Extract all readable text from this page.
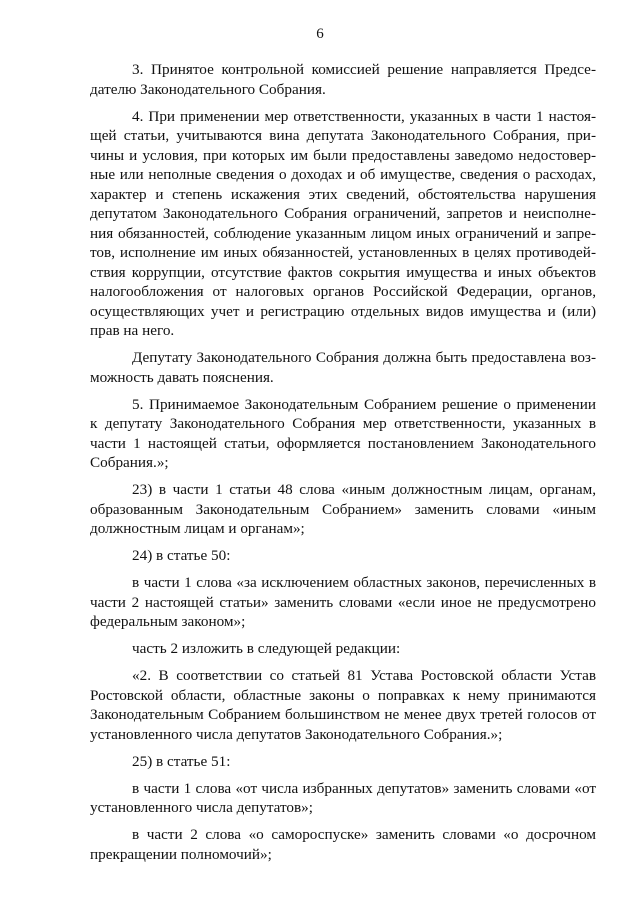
6

3. Принятое контрольной комиссией решение направляется Председателю Законодательного Собрания.

4. При применении мер ответственности, указанных в части 1 настоящей статьи, учитываются вина депутата Законодательного Собрания, причины и условия, при которых им были предоставлены заведомо недостоверные или неполные сведения о доходах и об имуществе, сведения о расходах, характер и степень искажения этих сведений, обстоятельства нарушения депутатом Законодательного Собрания ограничений, запретов и неисполнения обязанностей, соблюдение указанным лицом иных ограничений и запретов, исполнение им иных обязанностей, установленных в целях противодействия коррупции, отсутствие фактов сокрытия имущества и иных объектов налогообложения от налоговых органов Российской Федерации, органов, осуществляющих учет и регистрацию отдельных видов имущества и (или) прав на него.

Депутату Законодательного Собрания должна быть предоставлена возможность давать пояснения.

5. Принимаемое Законодательным Собранием решение о применении к депутату Законодательного Собрания мер ответственности, указанных в части 1 настоящей статьи, оформляется постановлением Законодательного Собрания.»;

23) в части 1 статьи 48 слова «иным должностным лицам, органам, образованным Законодательным Собранием» заменить словами «иным должностным лицам и органам»;

24) в статье 50:

в части 1 слова «за исключением областных законов, перечисленных в части 2 настоящей статьи» заменить словами «если иное не предусмотрено федеральным законом»;

часть 2 изложить в следующей редакции:

«2. В соответствии со статьей 81 Устава Ростовской области Устав Ростовской области, областные законы о поправках к нему принимаются Законодательным Собранием большинством не менее двух третей голосов от установленного числа депутатов Законодательного Собрания.»;

25) в статье 51:

в части 1 слова «от числа избранных депутатов» заменить словами «от установленного числа депутатов»;

в части 2 слова «о самороспуске» заменить словами «о досрочном прекращении полномочий»;
